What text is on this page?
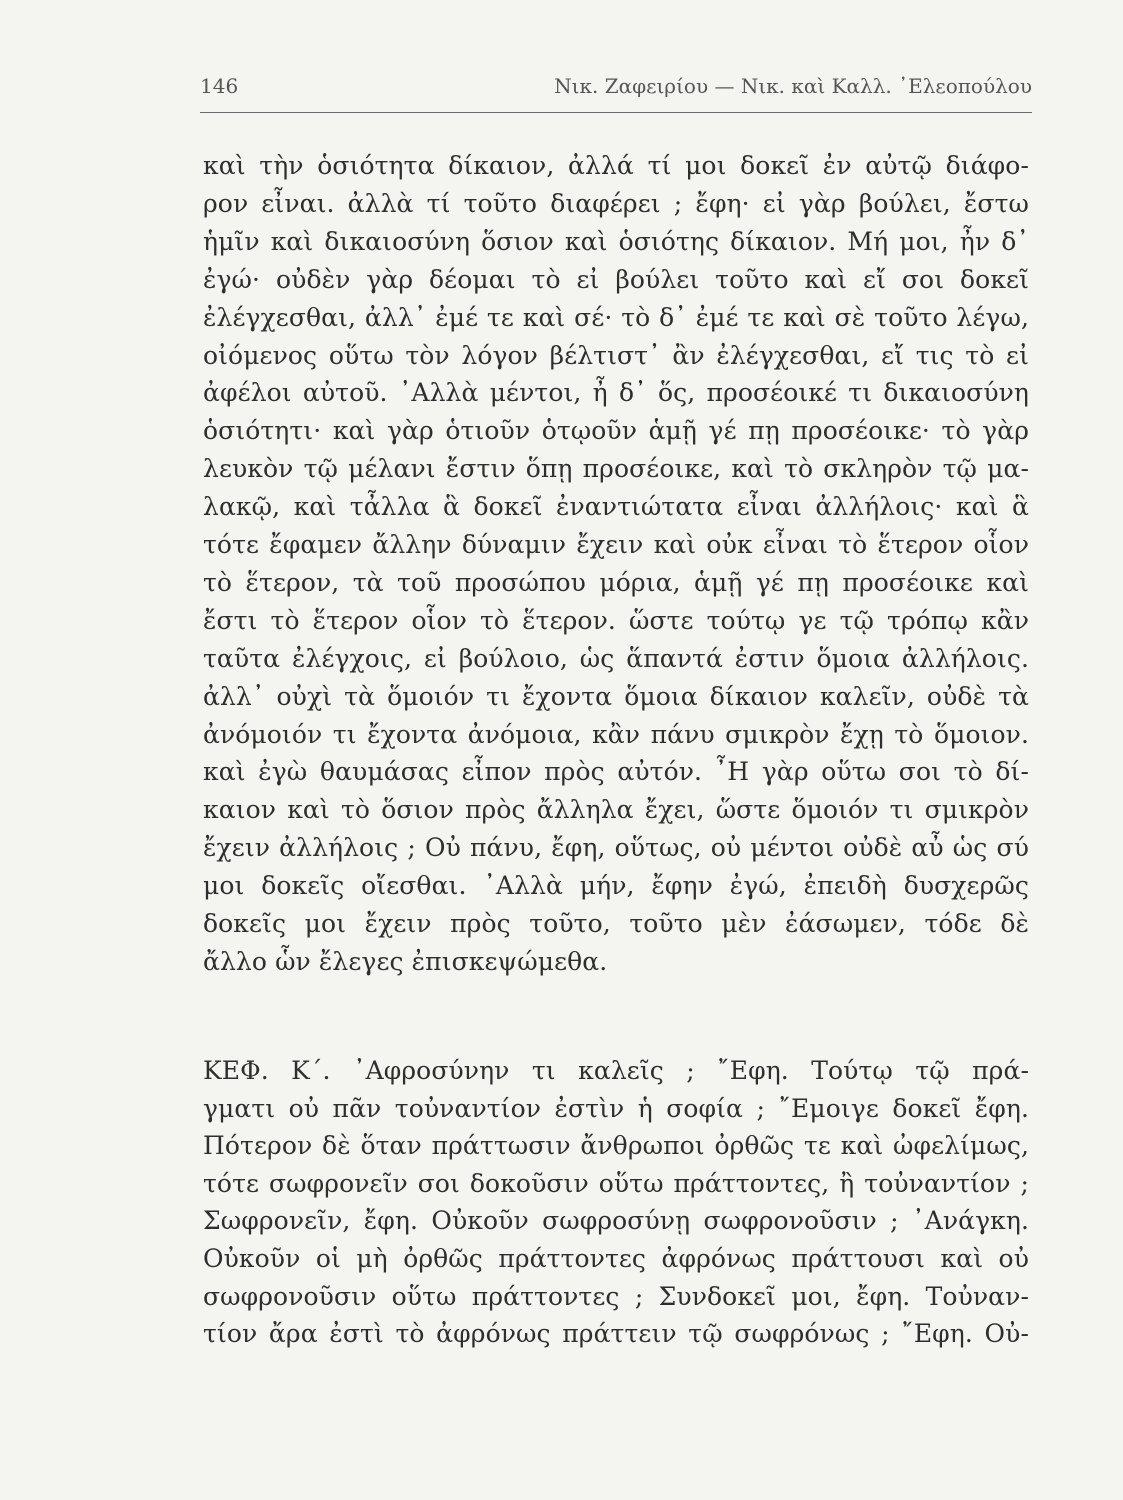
146	Νικ. Ζαφειρίου — Νικ. καὶ Καλλ. ᾿Ελεοπούλου
καὶ τὴν ὁσιότητα δίκαιον, ἀλλά τί μοι δοκεῖ ἐν αὐτῷ διάφο-
ρον εἶναι. ἀλλὰ τί τοῦτο διαφέρει ; ἔφη· εἰ γὰρ βούλει, ἔστω
ἡμῖν καὶ δικαιοσύνη ὅσιον καὶ ὁσιότης δίκαιον. Μή μοι, ἦν δ᾽
ἐγώ· οὐδὲν γὰρ δέομαι τὸ εἰ βούλει τοῦτο καὶ εἴ σοι δοκεῖ
ἐλέγχεσθαι, ἀλλ᾽ ἐμέ τε καὶ σέ· τὸ δ᾽ ἐμέ τε καὶ σὲ τοῦτο λέγω,
οἰόμενος οὕτω τὸν λόγον βέλτιστ᾽ ἂν ἐλέγχεσθαι, εἴ τις τὸ εἰ
ἀφέλοι αὐτοῦ. ᾿Αλλὰ μέντοι, ἦ δ᾽ ὅς, προσέοικέ τι δικαιοσύνη
ὁσιότητι· καὶ γὰρ ὁτιοῦν ὁτῳοῦν ἁμῇ γέ πῃ προσέοικε· τὸ γὰρ
λευκὸν τῷ μέλανι ἔστιν ὅπῃ προσέοικε, καὶ τὸ σκληρὸν τῷ μα-
λακῷ, καὶ τἆλλα ἃ δοκεῖ ἐναντιώτατα εἶναι ἀλλήλοις· καὶ ἃ
τότε ἔφαμεν ἄλλην δύναμιν ἔχειν καὶ οὐκ εἶναι τὸ ἕτερον οἷον
τὸ ἕτερον, τὰ τοῦ προσώπου μόρια, ἁμῇ γέ πῃ προσέοικε καὶ
ἔστι τὸ ἕτερον οἷον τὸ ἕτερον. ὥστε τούτῳ γε τῷ τρόπῳ κἂν
ταῦτα ἐλέγχοις, εἰ βούλοιο, ὡς ἅπαντά ἐστιν ὅμοια ἀλλήλοις.
ἀλλ᾽ οὐχὶ τὰ ὅμοιόν τι ἔχοντα ὅμοια δίκαιον καλεῖν, οὐδὲ τὰ
ἀνόμοιόν τι ἔχοντα ἀνόμοια, κἂν πάνυ σμικρὸν ἔχῃ τὸ ὅμοιον.
καὶ ἐγὼ θαυμάσας εἶπον πρὸς αὐτόν. ῏Η γὰρ οὕτω σοι τὸ δί-
καιον καὶ τὸ ὅσιον πρὸς ἄλληλα ἔχει, ὥστε ὅμοιόν τι σμικρὸν
ἔχειν ἀλλήλοις ; Οὐ πάνυ, ἔφη, οὕτως, οὐ μέντοι οὐδὲ αὖ ὡς σύ
μοι δοκεῖς οἴεσθαι. ᾿Αλλὰ μήν, ἔφην ἐγώ, ἐπειδὴ δυσχερῶς
δοκεῖς μοι ἔχειν πρὸς τοῦτο, τοῦτο μὲν ἐάσωμεν, τόδε δὲ
ἄλλο ὧν ἔλεγες ἐπισκεψώμεθα.
ΚΕΦ. Κ΄. ᾿Αφροσύνην τι καλεῖς ; ῎Εφη. Τούτῳ τῷ πρά-
γματι οὐ πᾶν τοὐναντίον ἐστὶν ἡ σοφία ; ῎Εμοιγε δοκεῖ ἔφη.
Πότερον δὲ ὅταν πράττωσιν ἄνθρωποι ὀρθῶς τε καὶ ὠφελίμως,
τότε σωφρονεῖν σοι δοκοῦσιν οὕτω πράττοντες, ἢ τοὐναντίον ;
Σωφρονεῖν, ἔφη. Οὐκοῦν σωφροσύνῃ σωφρονοῦσιν ; ᾿Ανάγκη.
Οὐκοῦν οἱ μὴ ὀρθῶς πράττοντες ἀφρόνως πράττουσι καὶ οὐ
σωφρονοῦσιν οὕτω πράττοντες ; Συνδοκεῖ μοι, ἔφη. Τοὐναν-
τίον ἄρα ἐστὶ τὸ ἀφρόνως πράττειν τῷ σωφρόνως ; ῎Εφη. Οὐ-
